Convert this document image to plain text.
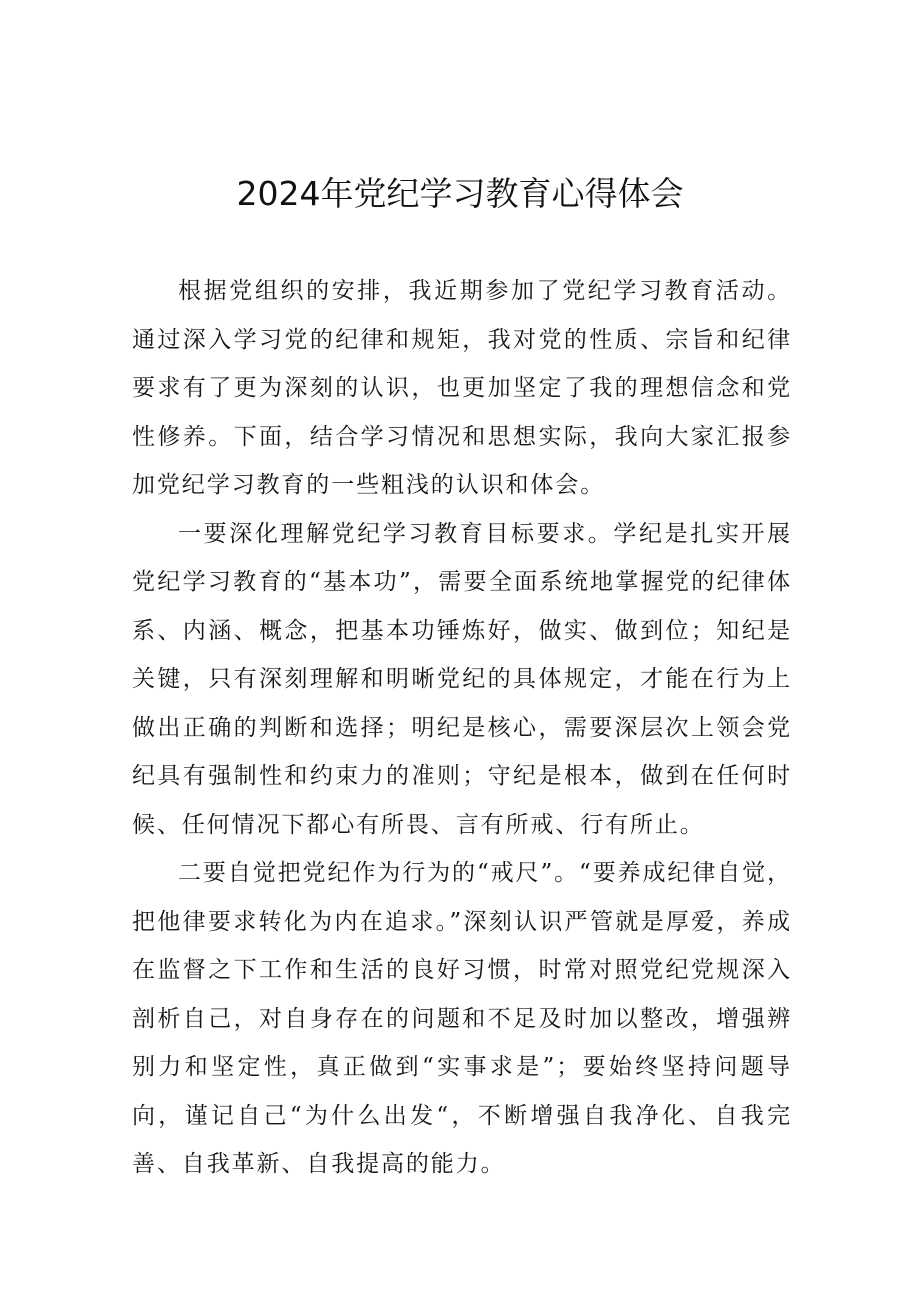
2024年党纪学习教育心得体会

根据党组织的安排，我近期参加了党纪学习教育活动。通过深入学习党的纪律和规矩，我对党的性质、宗旨和纪律要求有了更为深刻的认识，也更加坚定了我的理想信念和党性修养。下面，结合学习情况和思想实际，我向大家汇报参加党纪学习教育的一些粗浅的认识和体会。

一要深化理解党纪学习教育目标要求。学纪是扎实开展党纪学习教育的“基本功”，需要全面系统地掌握党的纪律体系、内涵、概念，把基本功锤炼好，做实、做到位；知纪是关键，只有深刻理解和明晰党纪的具体规定，才能在行为上做出正确的判断和选择；明纪是核心，需要深层次上领会党纪具有强制性和约束力的准则；守纪是根本，做到在任何时候、任何情况下都心有所畏、言有所戒、行有所止。

二要自觉把党纪作为行为的“戒尺”。“要养成纪律自觉，把他律要求转化为内在追求。”深刻认识严管就是厚爱，养成在监督之下工作和生活的良好习惯，时常对照党纪党规深入剖析自己，对自身存在的问题和不足及时加以整改，增强辨别力和坚定性，真正做到“实事求是”；要始终坚持问题导向，谨记自己“为什么出发“，不断增强自我净化、自我完善、自我革新、自我提高的能力。
